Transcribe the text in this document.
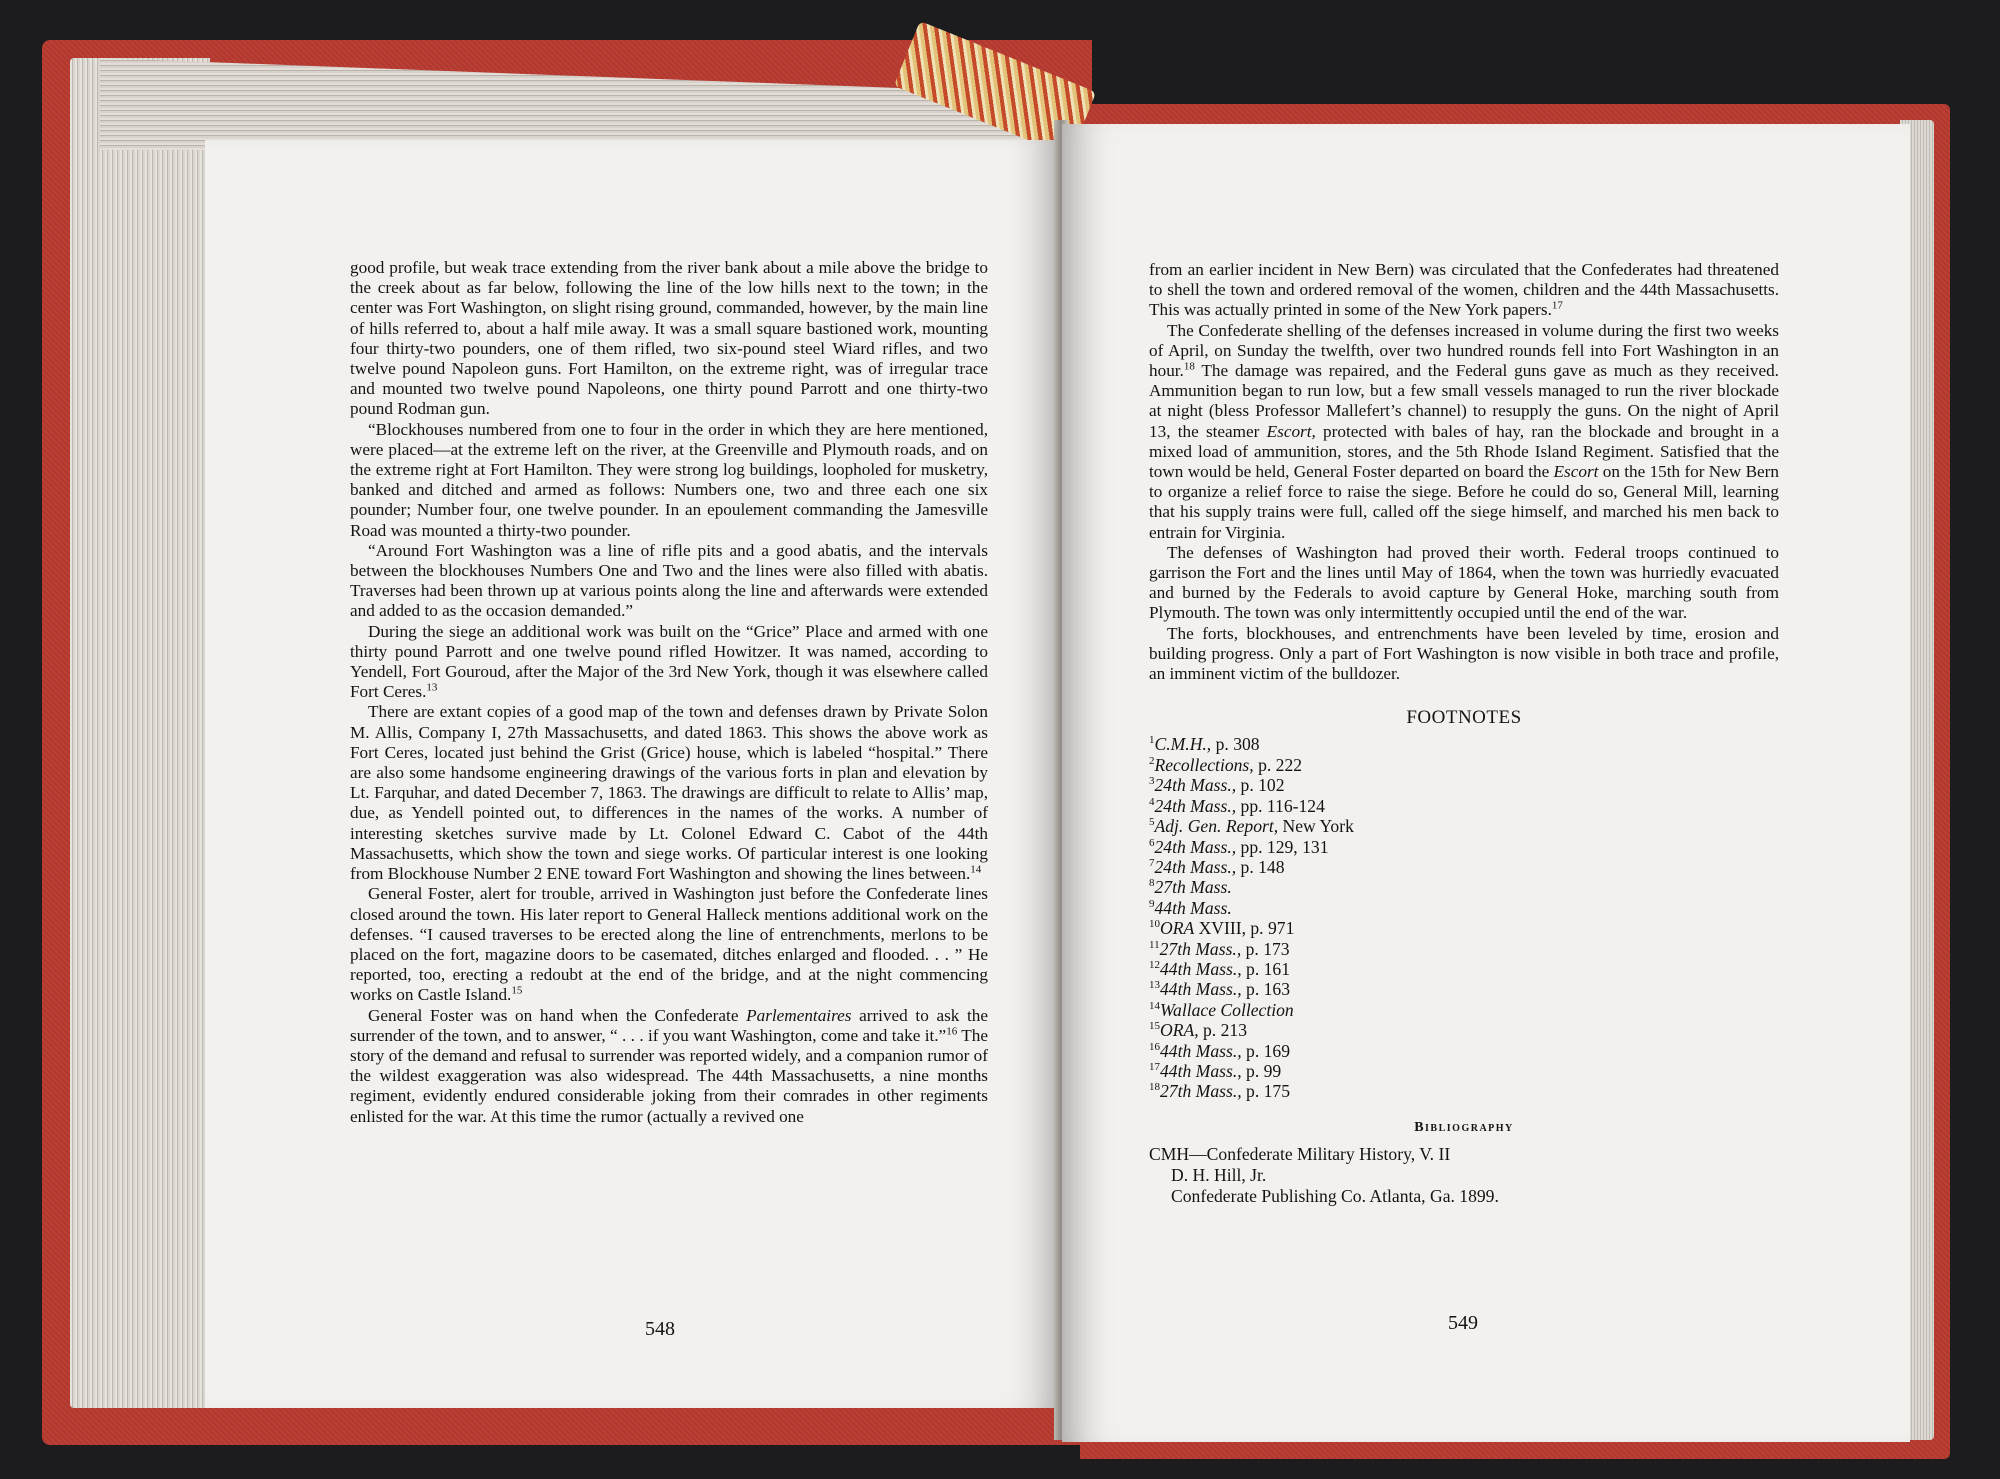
good profile, but weak trace extending from the river bank about a mile above the bridge to the creek about as far below, following the line of the low hills next to the town; in the center was Fort Washington, on slight rising ground, commanded, however, by the main line of hills referred to, about a half mile away. It was a small square bastioned work, mounting four thirty-two pounders, one of them rifled, two six-pound steel Wiard rifles, and two twelve pound Napoleon guns. Fort Hamilton, on the extreme right, was of irregular trace and mounted two twelve pound Napoleons, one thirty pound Parrott and one thirty-two pound Rodman gun.

“Blockhouses numbered from one to four in the order in which they are here mentioned, were placed—at the extreme left on the river, at the Greenville and Plymouth roads, and on the extreme right at Fort Hamilton. They were strong log buildings, loopholed for musketry, banked and ditched and armed as follows: Numbers one, two and three each one six pounder; Number four, one twelve pounder. In an epoulement commanding the Jamesville Road was mounted a thirty-two pounder.

“Around Fort Washington was a line of rifle pits and a good abatis, and the intervals between the blockhouses Numbers One and Two and the lines were also filled with abatis. Traverses had been thrown up at various points along the line and afterwards were extended and added to as the occasion demanded.”

During the siege an additional work was built on the “Grice” Place and armed with one thirty pound Parrott and one twelve pound rifled Howitzer. It was named, according to Yendell, Fort Gouroud, after the Major of the 3rd New York, though it was elsewhere called Fort Ceres.$^{13}$

There are extant copies of a good map of the town and defenses drawn by Private Solon M. Allis, Company I, 27th Massachusetts, and dated 1863. This shows the above work as Fort Ceres, located just behind the Grist (Grice) house, which is labeled “hospital.” There are also some handsome engineering drawings of the various forts in plan and elevation by Lt. Farquhar, and dated December 7, 1863. The drawings are difficult to relate to Allis’ map, due, as Yendell pointed out, to differences in the names of the works. A number of interesting sketches survive made by Lt. Colonel Edward C. Cabot of the 44th Massachusetts, which show the town and siege works. Of particular interest is one looking from Blockhouse Number 2 ENE toward Fort Washington and showing the lines between.$^{14}$

General Foster, alert for trouble, arrived in Washington just before the Confederate lines closed around the town. His later report to General Halleck mentions additional work on the defenses. “I caused traverses to be erected along the line of entrenchments, merlons to be placed on the fort, magazine doors to be casemated, ditches enlarged and flooded. . . ” He reported, too, erecting a redoubt at the end of the bridge, and at the night commencing works on Castle Island.$^{15}$

General Foster was on hand when the Confederate Parlementaires arrived to ask the surrender of the town, and to answer, “ . . . if you want Washington, come and take it.”$^{16}$ The story of the demand and refusal to surrender was reported widely, and a companion rumor of the wildest exaggeration was also widespread. The 44th Massachusetts, a nine months regiment, evidently endured considerable joking from their comrades in other regiments enlisted for the war. At this time the rumor (actually a revived one

548

from an earlier incident in New Bern) was circulated that the Confederates had threatened to shell the town and ordered removal of the women, children and the 44th Massachusetts. This was actually printed in some of the New York papers.$^{17}$

The Confederate shelling of the defenses increased in volume during the first two weeks of April, on Sunday the twelfth, over two hundred rounds fell into Fort Washington in an hour.$^{18}$ The damage was repaired, and the Federal guns gave as much as they received. Ammunition began to run low, but a few small vessels managed to run the river blockade at night (bless Professor Mallefert’s channel) to resupply the guns. On the night of April 13, the steamer Escort, protected with bales of hay, ran the blockade and brought in a mixed load of ammunition, stores, and the 5th Rhode Island Regiment. Satisfied that the town would be held, General Foster departed on board the Escort on the 15th for New Bern to organize a relief force to raise the siege. Before he could do so, General Mill, learning that his supply trains were full, called off the siege himself, and marched his men back to entrain for Virginia.

The defenses of Washington had proved their worth. Federal troops continued to garrison the Fort and the lines until May of 1864, when the town was hurriedly evacuated and burned by the Federals to avoid capture by General Hoke, marching south from Plymouth. The town was only intermittently occupied until the end of the war.

The forts, blockhouses, and entrenchments have been leveled by time, erosion and building progress. Only a part of Fort Washington is now visible in both trace and profile, an imminent victim of the bulldozer.

FOOTNOTES
$^1$C.M.H., p. 308
$^2$Recollections, p. 222
$^3$24th Mass., p. 102
$^4$24th Mass., pp. 116-124
$^5$Adj. Gen. Report, New York
$^6$24th Mass., pp. 129, 131
$^7$24th Mass., p. 148
$^8$27th Mass.
$^9$44th Mass.
$^{10}$ORA XVIII, p. 971
$^{11}$27th Mass., p. 173
$^{12}$44th Mass., p. 161
$^{13}$44th Mass., p. 163
$^{14}$Wallace Collection
$^{15}$ORA, p. 213
$^{16}$44th Mass., p. 169
$^{17}$44th Mass., p. 99
$^{18}$27th Mass., p. 175
Bibliography
CMH—Confederate Military History, V. II
D. H. Hill, Jr.
Confederate Publishing Co. Atlanta, Ga. 1899.
549
